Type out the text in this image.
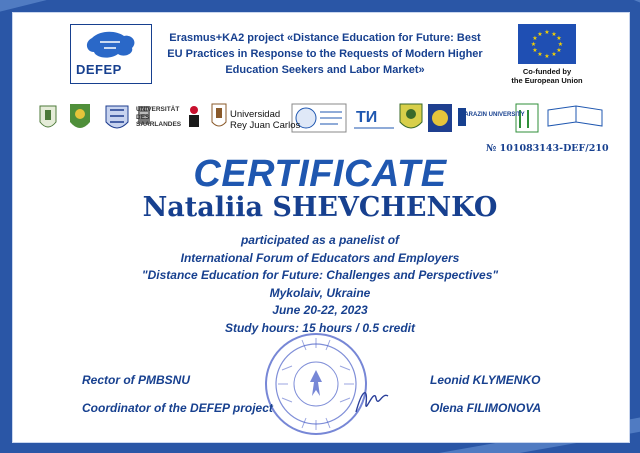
DEFEP
Erasmus+KA2 project «Distance Education for Future: Best
EU Practices in Response to the Requests of Modern Higher
Education Seekers and Labor Market»
★ ★
★
★
★
★
★
★
★
★
★
★
Co-funded by
the European Union
ТИ
UNIVERSITÄT
DES
SAARLANDES
Universidad
Rey Juan Carlos
KARAZIN UNIVERSITY
№ 101083143-DEF/210
CERTIFICATE
Nataliia SHEVCHENKO
participated as a panelist of
International Forum of Educators and Employers
"Distance Education for Future: Challenges and Perspectives"
Mykolaiv, Ukraine
June 20-22, 2023
Study hours: 15 hours / 0.5 credit
Rector of PMBSNU	Leonid KLYMENKO
Coordinator of the DEFEP project	Olena FILIMONOVA
